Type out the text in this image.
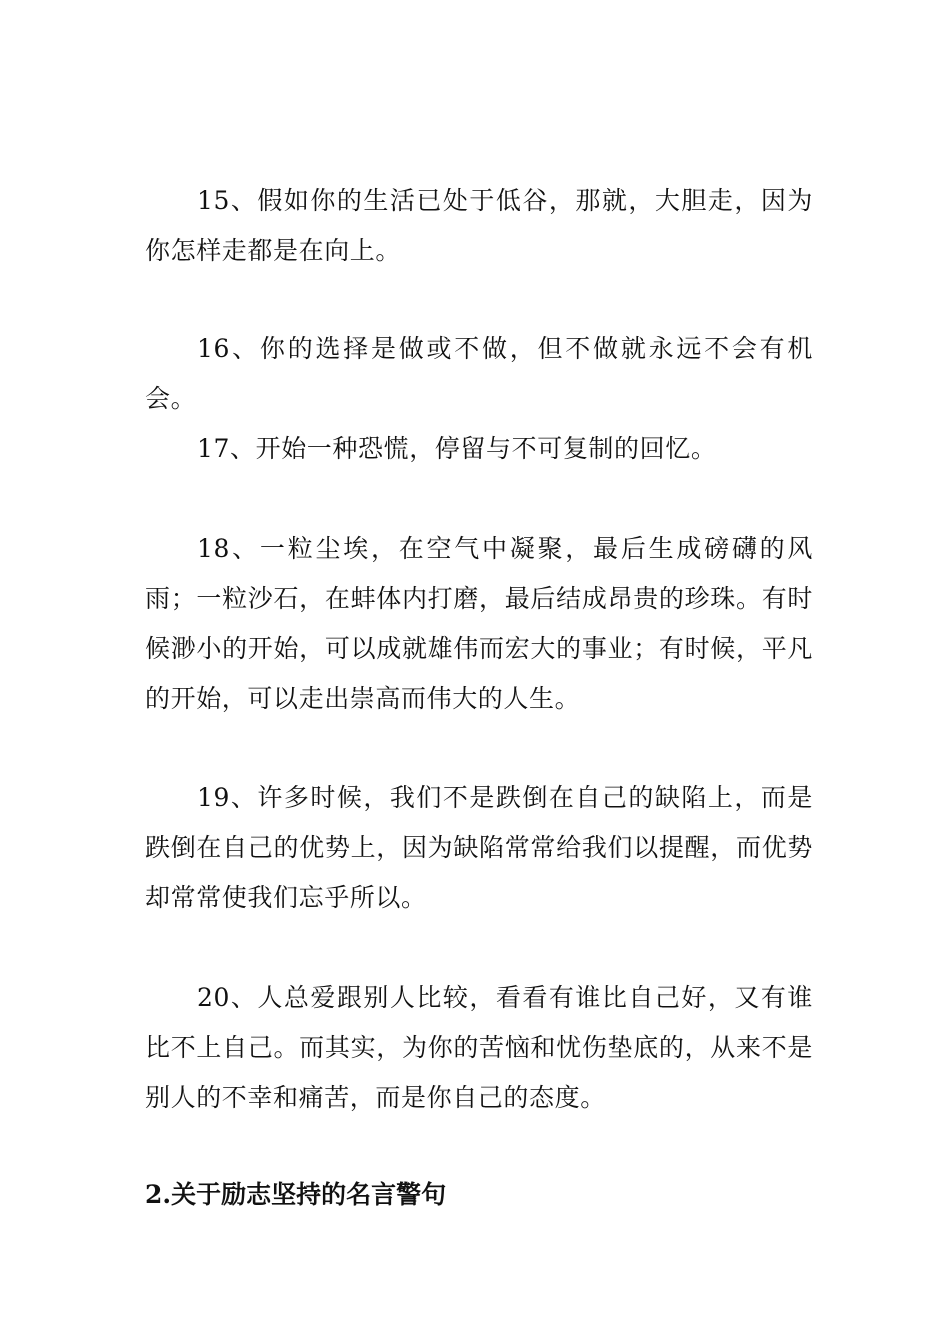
15、假如你的生活已处于低谷，那就，大胆走，因为你怎样走都是在向上。

16、你的选择是做或不做，但不做就永远不会有机会。

17、开始一种恐慌，停留与不可复制的回忆。

18、一粒尘埃，在空气中凝聚，最后生成磅礴的风雨；一粒沙石，在蚌体内打磨，最后结成昂贵的珍珠。有时候渺小的开始，可以成就雄伟而宏大的事业；有时候，平凡的开始，可以走出崇高而伟大的人生。

19、许多时候，我们不是跌倒在自己的缺陷上，而是跌倒在自己的优势上，因为缺陷常常给我们以提醒，而优势却常常使我们忘乎所以。

20、人总爱跟别人比较，看看有谁比自己好，又有谁比不上自己。而其实，为你的苦恼和忧伤垫底的，从来不是别人的不幸和痛苦，而是你自己的态度。

2.关于励志坚持的名言警句
